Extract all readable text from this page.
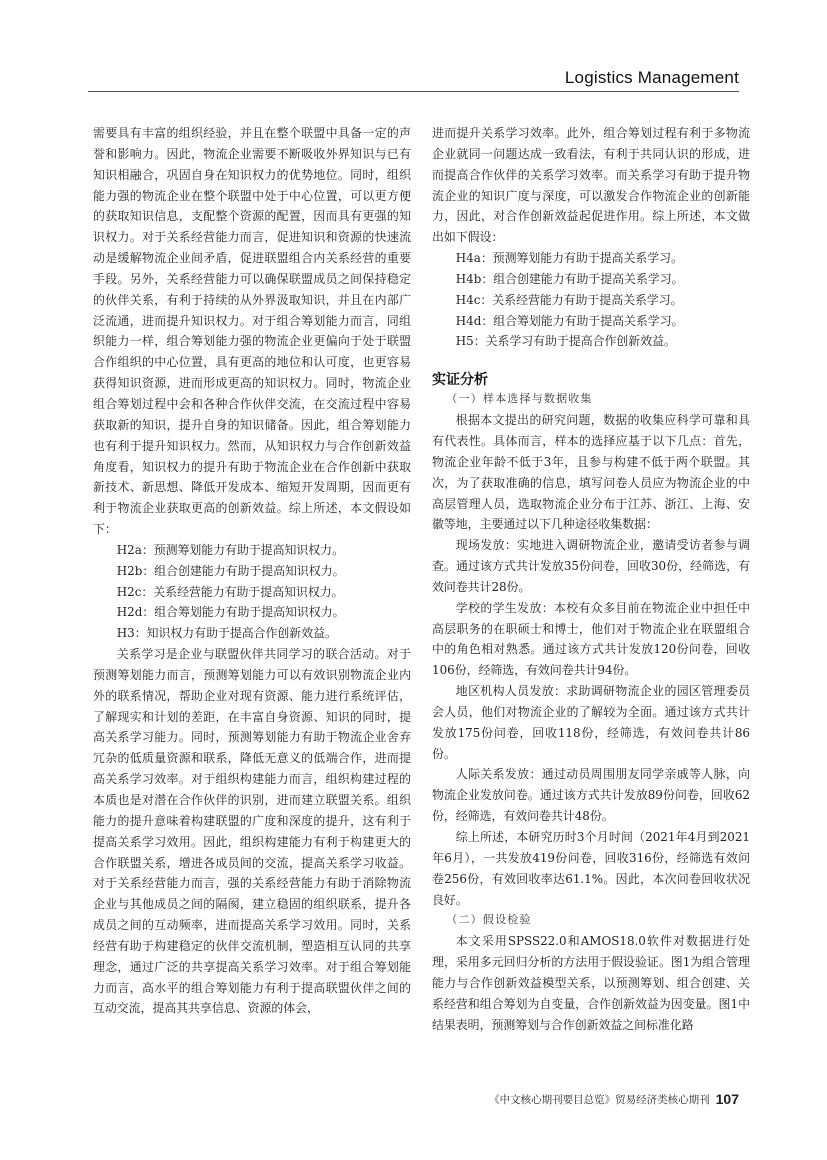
Logistics Management

需要具有丰富的组织经验，并且在整个联盟中具备一定的声誉和影响力。因此，物流企业需要不断吸收外界知识与已有知识相融合，巩固自身在知识权力的优势地位。同时，组织能力强的物流企业在整个联盟中处于中心位置，可以更方便的获取知识信息，支配整个资源的配置，因而具有更强的知识权力。对于关系经营能力而言，促进知识和资源的快速流动是缓解物流企业间矛盾，促进联盟组合内关系经营的重要手段。另外，关系经营能力可以确保联盟成员之间保持稳定的伙伴关系，有利于持续的从外界汲取知识，并且在内部广泛流通，进而提升知识权力。对于组合筹划能力而言，同组织能力一样，组合筹划能力强的物流企业更偏向于处于联盟合作组织的中心位置，具有更高的地位和认可度，也更容易获得知识资源，进而形成更高的知识权力。同时，物流企业组合筹划过程中会和各种合作伙伴交流，在交流过程中容易获取新的知识，提升自身的知识储备。因此，组合筹划能力也有利于提升知识权力。然而，从知识权力与合作创新效益角度看，知识权力的提升有助于物流企业在合作创新中获取新技术、新思想、降低开发成本、缩短开发周期，因而更有利于物流企业获取更高的创新效益。综上所述，本文假设如下：

H2a：预测筹划能力有助于提高知识权力。
H2b：组合创建能力有助于提高知识权力。
H2c：关系经营能力有助于提高知识权力。
H2d：组合筹划能力有助于提高知识权力。
H3：知识权力有助于提高合作创新效益。

关系学习是企业与联盟伙伴共同学习的联合活动。对于预测筹划能力而言，预测筹划能力可以有效识别物流企业内外的联系情况，帮助企业对现有资源、能力进行系统评估，了解现实和计划的差距，在丰富自身资源、知识的同时，提高关系学习能力。同时，预测筹划能力有助于物流企业舍弃冗杂的低质量资源和联系，降低无意义的低端合作，进而提高关系学习效率。对于组织构建能力而言，组织构建过程的本质也是对潜在合作伙伴的识别，进而建立联盟关系。组织能力的提升意味着构建联盟的广度和深度的提升，这有利于提高关系学习效用。因此，组织构建能力有利于构建更大的合作联盟关系，增进各成员间的交流，提高关系学习收益。对于关系经营能力而言，强的关系经营能力有助于消除物流企业与其他成员之间的隔阂，建立稳固的组织联系，提升各成员之间的互动频率，进而提高关系学习效用。同时，关系经营有助于构建稳定的伙伴交流机制，塑造相互认同的共享理念，通过广泛的共享提高关系学习效率。对于组合筹划能力而言，高水平的组合筹划能力有利于提高联盟伙伴之间的互动交流，提高其共享信息、资源的体会，

进而提升关系学习效率。此外，组合筹划过程有利于多物流企业就同一问题达成一致看法，有利于共同认识的形成，进而提高合作伙伴的关系学习效率。而关系学习有助于提升物流企业的知识广度与深度，可以激发合作物流企业的创新能力，因此，对合作创新效益起促进作用。综上所述，本文做出如下假设：

H4a：预测筹划能力有助于提高关系学习。
H4b：组合创建能力有助于提高关系学习。
H4c：关系经营能力有助于提高关系学习。
H4d：组合筹划能力有助于提高关系学习。
H5：关系学习有助于提高合作创新效益。
实证分析
（一）样本选择与数据收集

根据本文提出的研究问题，数据的收集应科学可靠和具有代表性。具体而言，样本的选择应基于以下几点：首先，物流企业年龄不低于3年，且参与构建不低于两个联盟。其次，为了获取准确的信息，填写问卷人员应为物流企业的中高层管理人员，选取物流企业分布于江苏、浙江、上海、安徽等地，主要通过以下几种途径收集数据：

现场发放：实地进入调研物流企业，邀请受访者参与调查。通过该方式共计发放35份问卷，回收30份，经筛选，有效问卷共计28份。

学校的学生发放：本校有众多目前在物流企业中担任中高层职务的在职硕士和博士，他们对于物流企业在联盟组合中的角色相对熟悉。通过该方式共计发放120份问卷，回收106份，经筛选，有效问卷共计94份。

地区机构人员发放：求助调研物流企业的园区管理委员会人员，他们对物流企业的了解较为全面。通过该方式共计发放175份问卷，回收118份，经筛选，有效问卷共计86份。

人际关系发放：通过动员周围朋友同学亲戚等人脉，向物流企业发放问卷。通过该方式共计发放89份问卷，回收62份，经筛选，有效问卷共计48份。

综上所述，本研究历时3个月时间（2021年4月到2021年6月），一共发放419份问卷，回收316份，经筛选有效问卷256份，有效回收率达61.1%。因此，本次问卷回收状况良好。

（二）假设检验

本文采用SPSS22.0和AMOS18.0软件对数据进行处理，采用多元回归分析的方法用于假设验证。图1为组合管理能力与合作创新效益模型关系，以预测筹划、组合创建、关系经营和组合筹划为自变量，合作创新效益为因变量。图1中结果表明，预测筹划与合作创新效益之间标准化路

《中文核心期刊要目总览》贸易经济类核心期刊 107
